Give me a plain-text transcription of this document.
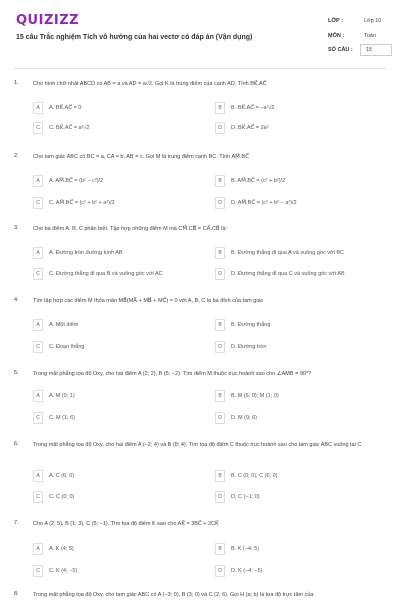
QUIZIZZ
15 câu Trắc nghiệm Tích vô hướng của hai vectơ có đáp án (Vận dụng)
LỚP :	Lớp 10
MÔN :	Toán
SỐ CÂU : 15
1.	Cho hình chữ nhật ABCD có AB = a và AD = a√2. Gọi K là trung điểm của cạnh AD. Tính BK⃗.AC⃗
A	A. BK⃗.AC⃗ = 0	B	B. BK⃗.AC⃗ = −a²√2
C	C. BK⃗.AC⃗ = a²√2	D	D. BK⃗.AC⃗ = 2a²
2.	Cho tam giác ABC có BC = a, CA = b, AB = c. Gọi M là trung điểm cạnh BC. Tính AM⃗.BC⃗
A	A. AM⃗.BC⃗ = (b² − c²)/2	B	B. AM⃗.BC⃗ = (c² + b²)/2
C	C. AM⃗.BC⃗ = (c² + b² + a²)/3	D	D. AM⃗.BC⃗ = (c² + b² − a²)/2
3.	Cho ba điểm A, B, C phân biệt. Tập hợp những điểm M mà CM⃗.CB⃗ = CA⃗.CB⃗ là:
A	A. Đường tròn đường kính AB	B	B. Đường thẳng đi qua A và vuông góc với BC
C	C. Đường thẳng đi qua B và vuông góc với AC	D	D. Đường thẳng đi qua C và vuông góc với AB
4.	Tìm tập hợp các điểm M thỏa mãn MB⃗(MA⃗ + MB⃗ + MC⃗) = 0 với A, B, C là ba đỉnh của tam giác
A	A. Một điểm	B	B. Đường thẳng
C	C. Đoạn thẳng	D	D. Đường tròn
5.	Trong mặt phẳng tọa độ Oxy, cho hai điểm A (2; 2), B (5; −2). Tìm điểm M thuộc trục hoành sao cho ∠AMB = 90°?
A	A. M (0; 1)	B	B. M (6; 0); M (1; 0)
C	C. M (1; 6)	D	D. M (0; 6)
6.	Trong mặt phẳng tọa độ Oxy, cho hai điểm A (−2; 4) và B (8; 4). Tìm tọa độ điểm C thuộc trục hoành sao cho tam giác ABC vuông tại C
A	A. C (6; 0)	B	B. C (0; 0), C (6; 0)
C	C. C (0; 0)	D	D. C (−1; 0)
7.	Cho A (2; 5), B (1; 3), C (5; −1). Tìm tọa độ điểm K sao cho AK⃗ = 3BC⃗ + 2CK⃗
A	A. K (4; 5)	B	B. K (−4; 5)
C	C. K (4; −5)	D	D. K (−4; −5)
8.	Trong mặt phẳng tọa độ Oxy, cho tam giác ABC có A (−3; 0), B (3; 0) và C (2; 6). Gọi H (a; b) là tọa độ trực tâm của
